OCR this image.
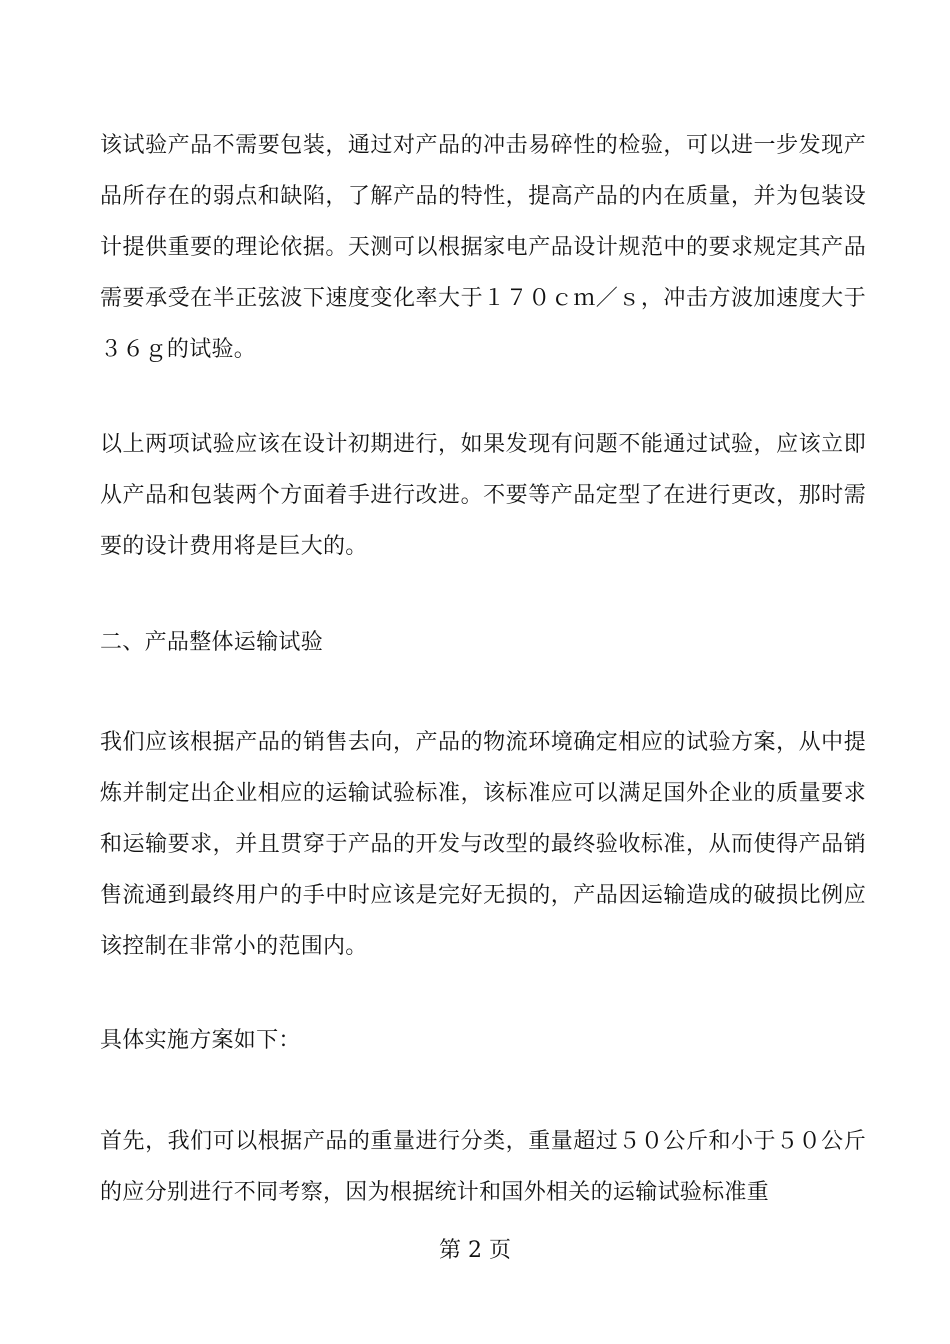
该试验产品不需要包装，通过对产品的冲击易碎性的检验，可以进一步发现产品所存在的弱点和缺陷，了解产品的特性，提高产品的内在质量，并为包装设计提供重要的理论依据。天测可以根据家电产品设计规范中的要求规定其产品需要承受在半正弦波下速度变化率大于１７０ｃｍ／ｓ，冲击方波加速度大于３６ｇ的试验。

以上两项试验应该在设计初期进行，如果发现有问题不能通过试验，应该立即从产品和包装两个方面着手进行改进。不要等产品定型了在进行更改，那时需要的设计费用将是巨大的。

二、产品整体运输试验

我们应该根据产品的销售去向，产品的物流环境确定相应的试验方案，从中提炼并制定出企业相应的运输试验标准，该标准应可以满足国外企业的质量要求和运输要求，并且贯穿于产品的开发与改型的最终验收标准，从而使得产品销售流通到最终用户的手中时应该是完好无损的，产品因运输造成的破损比例应该控制在非常小的范围内。

具体实施方案如下：

首先，我们可以根据产品的重量进行分类，重量超过５０公斤和小于５０公斤的应分别进行不同考察，因为根据统计和国外相关的运输试验标准重

第 2 页
